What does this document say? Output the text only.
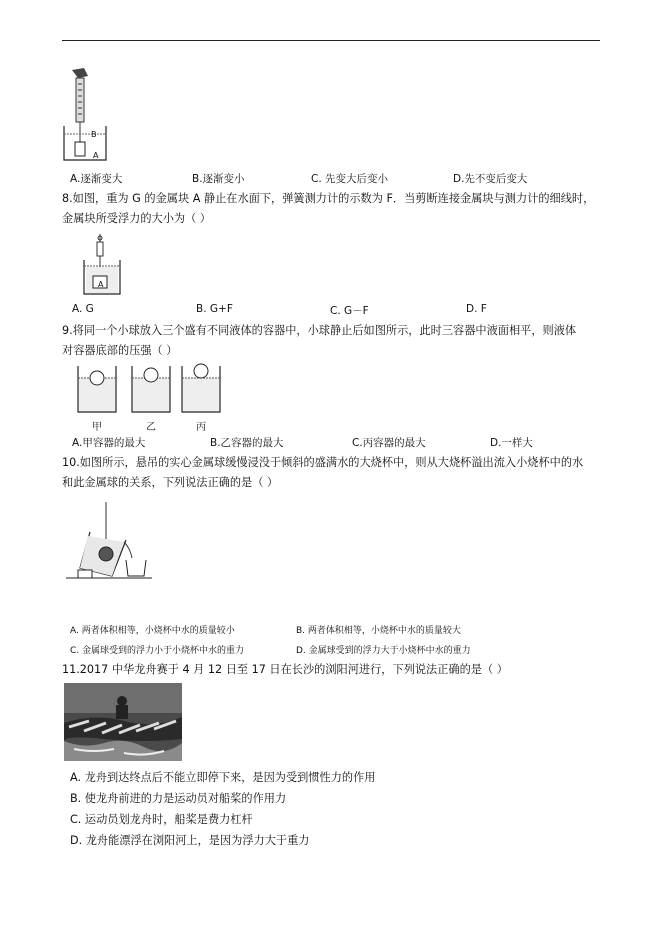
B
A
A.逐渐变大	B.逐渐变小	C. 先变大后变小	D.先不变后变大
8.如图，重为 G 的金属块 A 静止在水面下，弹簧测力计的示数为 F．当剪断连接金属块与测力计的细线时，
金属块所受浮力的大小为（ ）
A
A. G	B. G+F	C. G－F	D. F
9.将同一个小球放入三个盛有不同液体的容器中，小球静止后如图所示，此时三容器中液面相平，则液体
对容器底部的压强（ ）
甲	乙	丙
A.甲容器的最大	B.乙容器的最大	C.丙容器的最大	D.一样大
10.如图所示，悬吊的实心金属球缓慢浸没于倾斜的盛满水的大烧杯中，则从大烧杯溢出流入小烧杯中的水
和此金属球的关系，下列说法正确的是（ ）
A. 两者体积相等，小烧杯中水的质量较小	B. 两者体积相等，小烧杯中水的质量较大
C. 金属球受到的浮力小于小烧杯中水的重力	D. 金属球受到的浮力大于小烧杯中水的重力
11.2017 中华龙舟赛于 4 月 12 日至 17 日在长沙的浏阳河进行，下列说法正确的是（ ）
A. 龙舟到达终点后不能立即停下来，是因为受到惯性力的作用
B. 使龙舟前进的力是运动员对船桨的作用力
C. 运动员划龙舟时，船桨是费力杠杆
D. 龙舟能漂浮在浏阳河上，是因为浮力大于重力
